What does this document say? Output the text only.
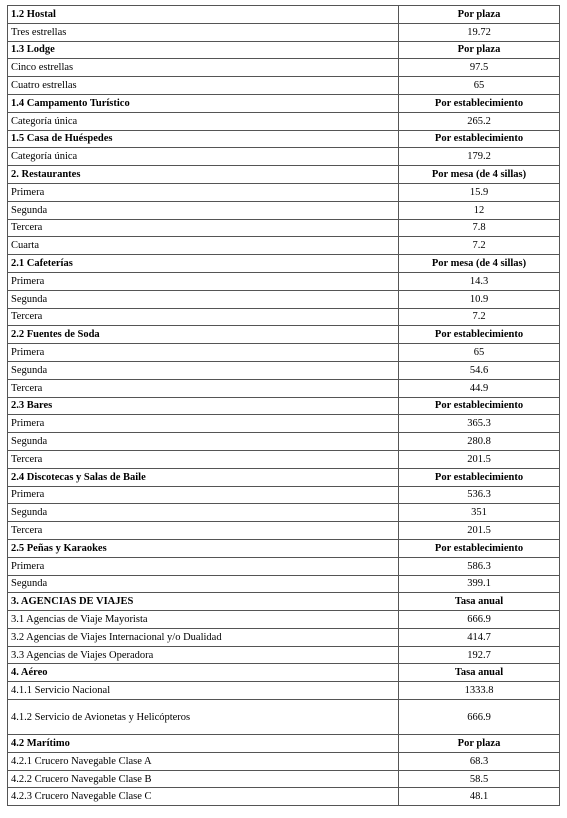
1.2 Hostal	Por plaza
Tres estrellas	19.72
1.3 Lodge	Por plaza
Cinco estrellas	97.5
Cuatro estrellas	65
1.4 Campamento Turístico	Por establecimiento
Categoría única	265.2
1.5 Casa de Huéspedes	Por establecimiento
Categoría única	179.2
2. Restaurantes	Por mesa (de 4 sillas)
Primera	15.9
Segunda	12
Tercera	7.8
Cuarta	7.2
2.1 Cafeterías	Por mesa (de 4 sillas)
Primera	14.3
Segunda	10.9
Tercera	7.2
2.2 Fuentes de Soda	Por establecimiento
Primera	65
Segunda	54.6
Tercera	44.9
2.3 Bares	Por establecimiento
Primera	365.3
Segunda	280.8
Tercera	201.5
2.4 Discotecas y Salas de Baile	Por establecimiento
Primera	536.3
Segunda	351
Tercera	201.5
2.5 Peñas y Karaokes	Por establecimiento
Primera	586.3
Segunda	399.1
3. AGENCIAS DE VIAJES	Tasa anual
3.1 Agencias de Viaje Mayorista	666.9
3.2 Agencias de Viajes Internacional y/o Dualidad	414.7
3.3 Agencias de Viajes Operadora	192.7
4. Aéreo	Tasa anual
4.1.1 Servicio Nacional	1333.8
4.1.2 Servicio de Avionetas y Helicópteros	666.9
4.2 Marítimo	Por plaza
4.2.1 Crucero Navegable Clase A	68.3
4.2.2 Crucero Navegable Clase B	58.5
4.2.3 Crucero Navegable Clase C	48.1
